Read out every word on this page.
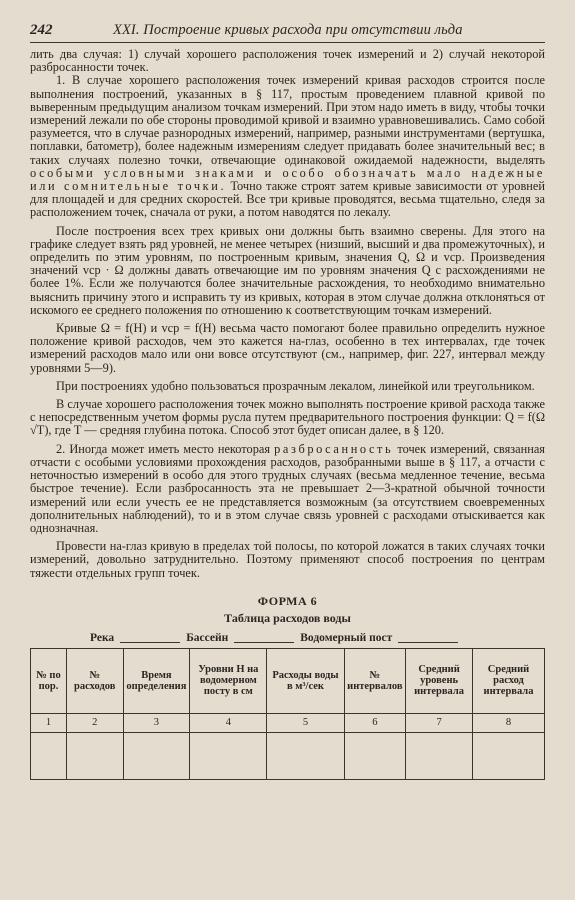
242	XXI. Построение кривых расхода при отсутствии льда

лить два случая: 1) случай хорошего расположения точек измерений и 2) случай некоторой разбросанности точек.

1. В случае хорошего расположения точек измерений кривая расходов строится после выполнения построений, указанных в § 117, простым проведением плавной кривой по выверенным предыдущим анализом точкам измерений. При этом надо иметь в виду, чтобы точки измерений лежали по обе стороны проводимой кривой и взаимно уравновешивались. Само собой разумеется, что в случае разнородных измерений, например, разными инструментами (вертушка, поплавки, батометр), более надежным измерениям следует придавать более значительный вес; в таких случаях полезно точки, отвечающие одинаковой ожидаемой надежности, выделять особыми условными знаками и особо обозначать мало надежные или сомнительные точки. Точно также строят затем кривые зависимости от уровней для площадей и для средних скоростей. Все три кривые проводятся, весьма тщательно, следя за расположением точек, сначала от руки, а потом наводятся по лекалу.

После построения всех трех кривых они должны быть взаимно сверены. Для этого на графике следует взять ряд уровней, не менее четырех (низший, высший и два промежуточных), и определить по этим уровням, по построенным кривым, значения Q, Ω и vср. Произведения значений vср · Ω должны давать отвечающие им по уровням значения Q с расхождениями не более 1%. Если же получаются более значительные расхождения, то необходимо внимательно выяснить причину этого и исправить ту из кривых, которая в этом случае должна отклоняться от искомого ее среднего положения по отношению к соответствующим точкам измерений.

Кривые Ω = f(H) и vср = f(H) весьма часто помогают более правильно определить нужное положение кривой расходов, чем это кажется на-глаз, особенно в тех интервалах, где точек измерений расходов мало или они вовсе отсутствуют (см., например, фиг. 227, интервал между уровнями 5—9).

При построениях удобно пользоваться прозрачным лекалом, линейкой или треугольником.

В случае хорошего расположения точек можно выполнять построение кривой расхода также с непосредственным учетом формы русла путем предварительного построения функции: Q = f(Ω √T), где T — средняя глубина потока. Способ этот будет описан далее, в § 120.

2. Иногда может иметь место некоторая разбросанность точек измерений, связанная отчасти с особыми условиями прохождения расходов, разобранными выше в § 117, а отчасти с неточностью измерений в особо для этого трудных случаях (весьма медленное течение, весьма быстрое течение). Если разбросанность эта не превышает 2—3-кратной обычной точности измерений или если учесть ее не представляется возможным (за отсутствием своевременных дополнительных наблюдений), то и в этом случае связь уровней с расходами отыскивается как однозначная.

Провести на-глаз кривую в пределах той полосы, по которой ложатся в таких случаях точки измерений, довольно затруднительно. Поэтому применяют способ построения по центрам тяжести отдельных групп точек.

ФОРМА 6
Таблица расходов воды
Река	Бассейн	Водомерный пост
№ по пор.	№ расходов	Время определения	Уровни H на водомерном посту в см	Расходы воды в м³/сек	№ интервалов	Средний уровень интервала	Средний расход интервала
1	2	3	4	5	6	7	8
